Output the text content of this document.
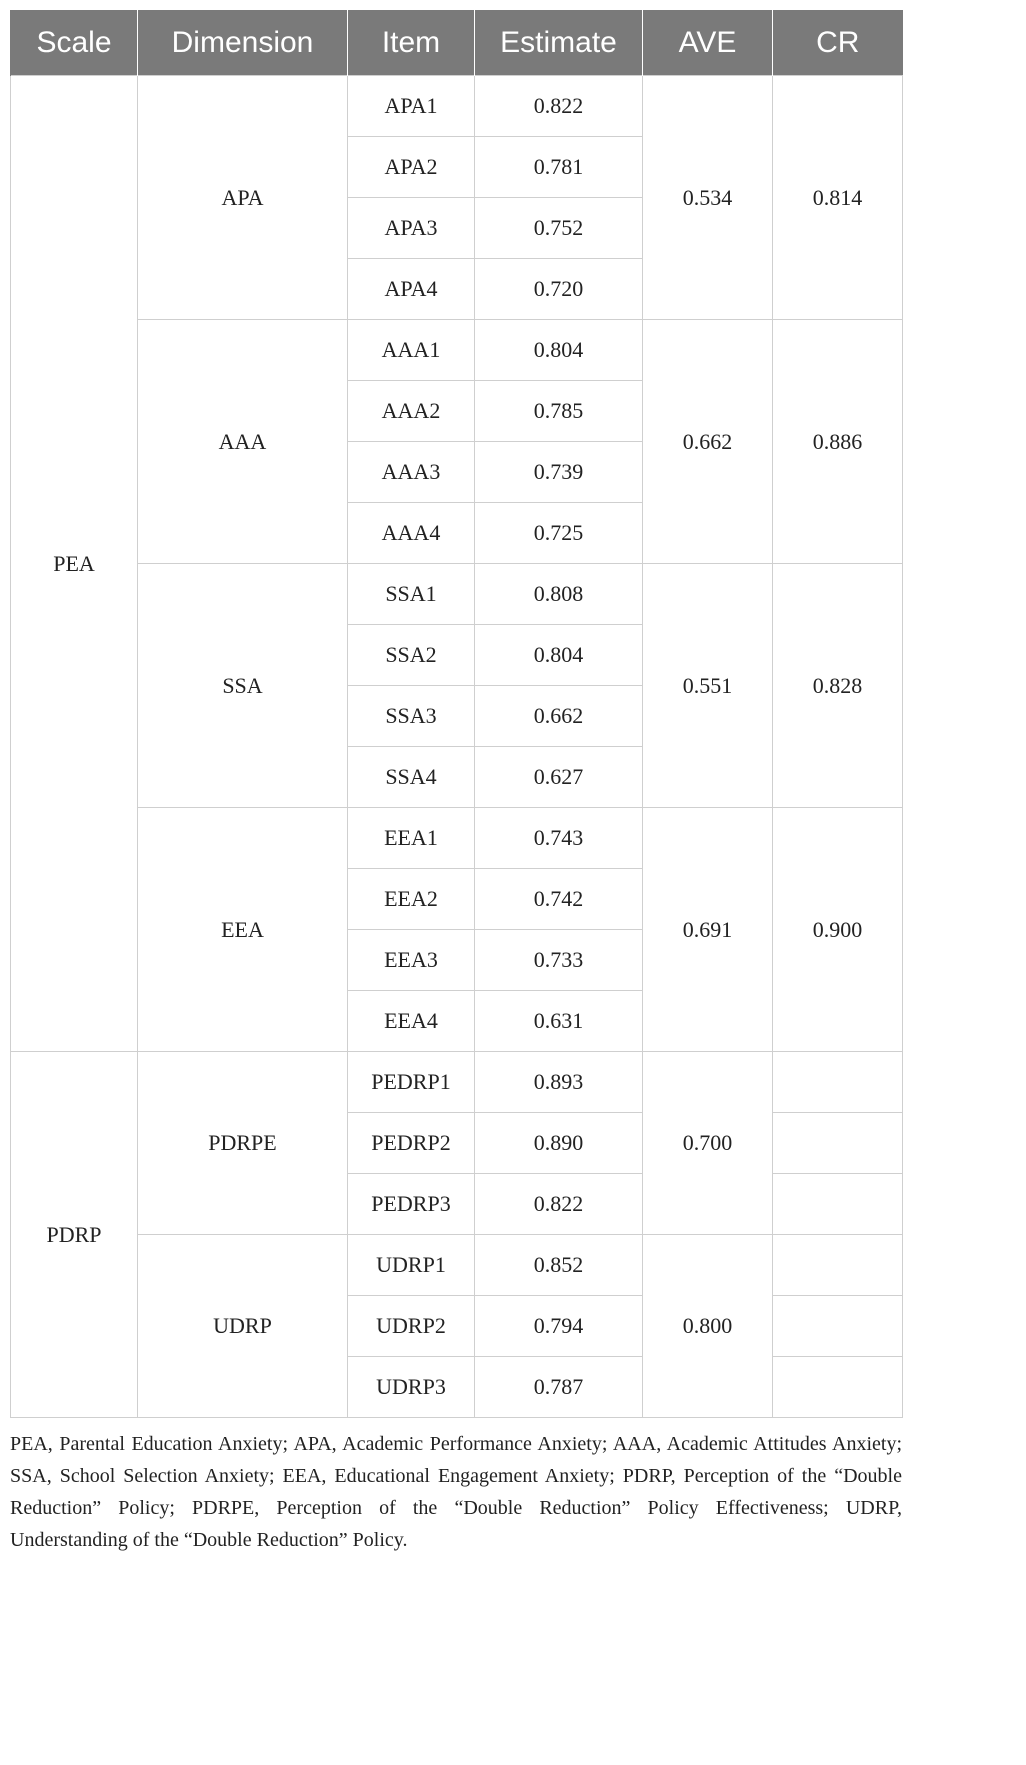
Scale	Dimension	Item	Estimate	AVE	CR
PEA	APA	APA1	0.822	0.534	0.814
		APA2	0.781		
		APA3	0.752		
		APA4	0.720		
	AAA	AAA1	0.804	0.662	0.886
		AAA2	0.785		
		AAA3	0.739		
		AAA4	0.725		
	SSA	SSA1	0.808	0.551	0.828
		SSA2	0.804		
		SSA3	0.662		
		SSA4	0.627		
	EEA	EEA1	0.743	0.691	0.900
		EEA2	0.742		
		EEA3	0.733		
		EEA4	0.631		
PDRP	PDRPE	PEDRP1	0.893	0.700	
		PEDRP2	0.890		
		PEDRP3	0.822		
	UDRP	UDRP1	0.852	0.800	
		UDRP2	0.794		
		UDRP3	0.787		

PEA, Parental Education Anxiety; APA, Academic Performance Anxiety; AAA, Academic Attitudes Anxiety; SSA, School Selection Anxiety; EEA, Educational Engagement Anxiety; PDRP, Perception of the “Double Reduction” Policy; PDRPE, Perception of the “Double Reduction” Policy Effectiveness; UDRP, Understanding of the “Double Reduction” Policy.
